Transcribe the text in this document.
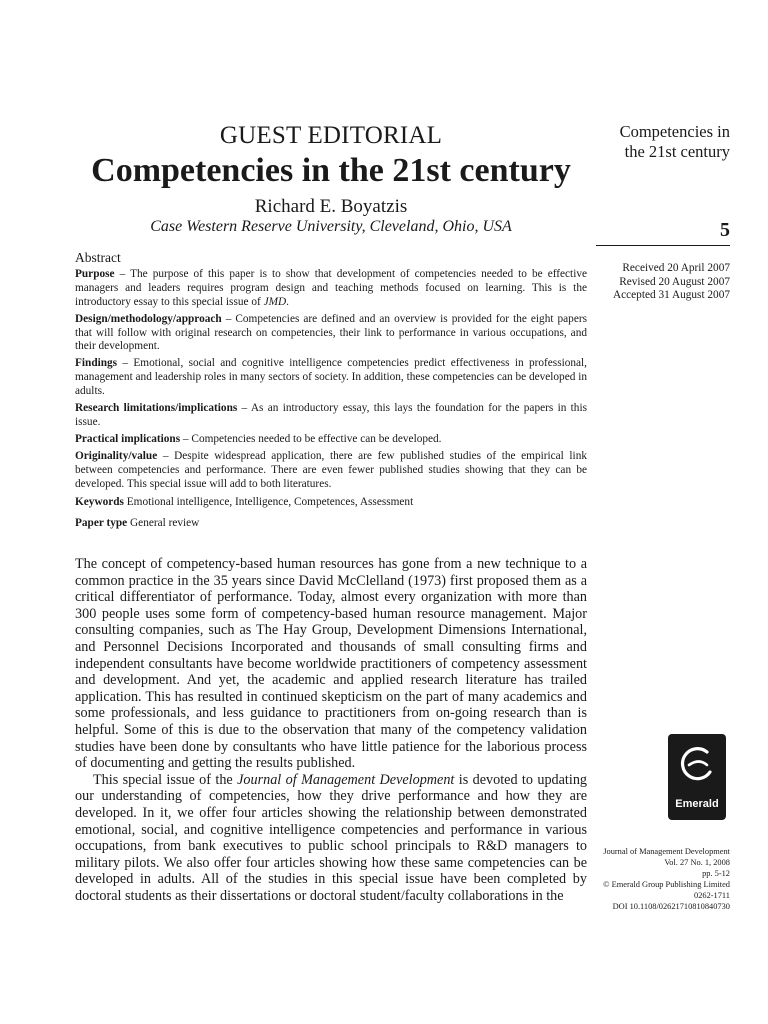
GUEST EDITORIAL
Competencies in the 21st century
Richard E. Boyatzis
Case Western Reserve University, Cleveland, Ohio, USA
Abstract

Purpose – The purpose of this paper is to show that development of competencies needed to be effective managers and leaders requires program design and teaching methods focused on learning. This is the introductory essay to this special issue of JMD.

Design/methodology/approach – Competencies are defined and an overview is provided for the eight papers that will follow with original research on competencies, their link to performance in various occupations, and their development.

Findings – Emotional, social and cognitive intelligence competencies predict effectiveness in professional, management and leadership roles in many sectors of society. In addition, these competencies can be developed in adults.

Research limitations/implications – As an introductory essay, this lays the foundation for the papers in this issue.

Practical implications – Competencies needed to be effective can be developed.

Originality/value – Despite widespread application, there are few published studies of the empirical link between competencies and performance. There are even fewer published studies showing that they can be developed. This special issue will add to both literatures.

Keywords Emotional intelligence, Intelligence, Competences, Assessment

Paper type General review

The concept of competency-based human resources has gone from a new technique to a common practice in the 35 years since David McClelland (1973) first proposed them as a critical differentiator of performance. Today, almost every organization with more than 300 people uses some form of competency-based human resource management. Major consulting companies, such as The Hay Group, Development Dimensions International, and Personnel Decisions Incorporated and thousands of small consulting firms and independent consultants have become worldwide practitioners of competency assessment and development. And yet, the academic and applied research literature has trailed application. This has resulted in continued skepticism on the part of many academics and some professionals, and less guidance to practitioners from on-going research than is helpful. Some of this is due to the observation that many of the competency validation studies have been done by consultants who have little patience for the laborious process of documenting and getting the results published.

This special issue of the Journal of Management Development is devoted to updating our understanding of competencies, how they drive performance and how they are developed. In it, we offer four articles showing the relationship between demonstrated emotional, social, and cognitive intelligence competencies and performance in various occupations, from bank executives to public school principals to R&D managers to military pilots. We also offer four articles showing how these same competencies can be developed in adults. All of the studies in this special issue have been completed by doctoral students as their dissertations or doctoral student/faculty collaborations in the

Competencies in
the 21st century
5
Received 20 April 2007
Revised 20 August 2007
Accepted 31 August 2007
Emerald
Journal of Management Development
Vol. 27 No. 1, 2008
pp. 5-12
© Emerald Group Publishing Limited
0262-1711
DOI 10.1108/02621710810840730
